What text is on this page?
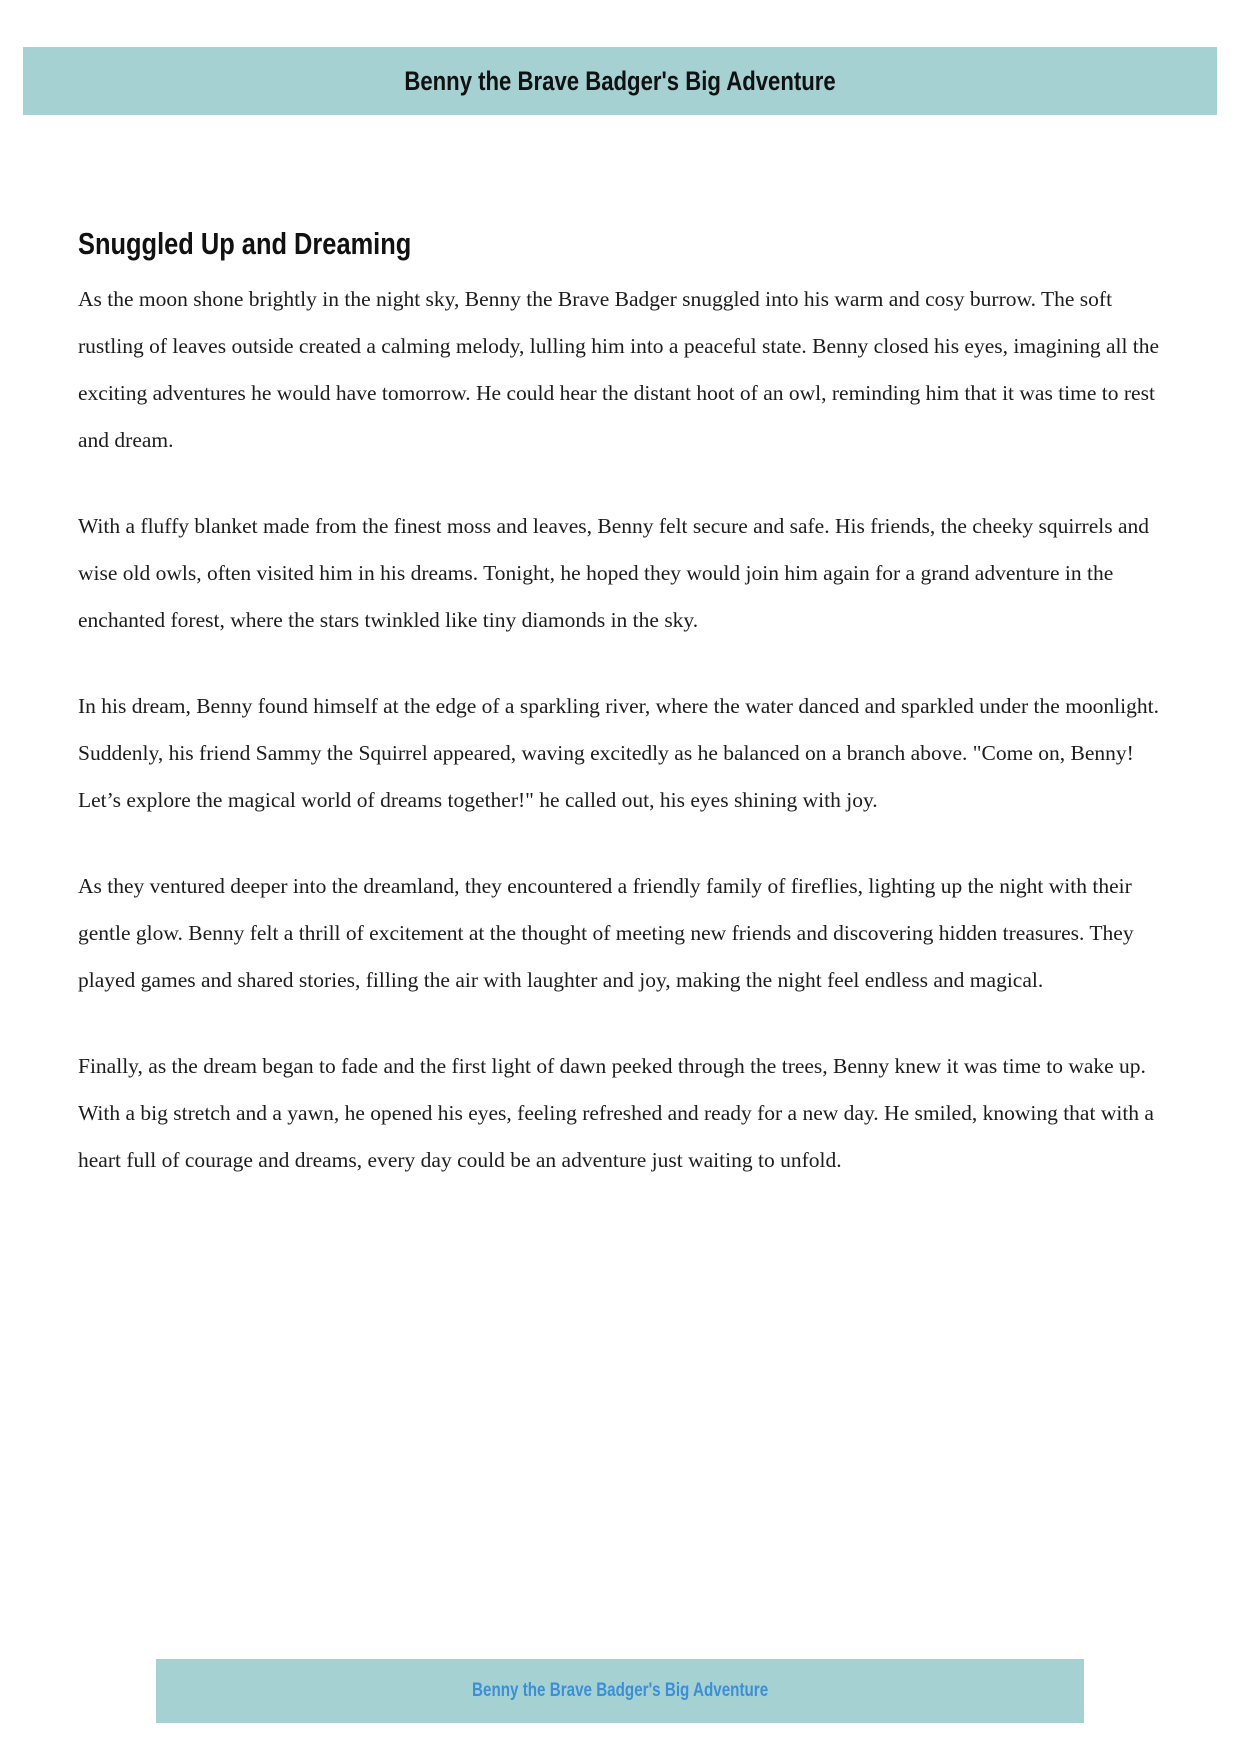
Benny the Brave Badger's Big Adventure
Snuggled Up and Dreaming

As the moon shone brightly in the night sky, Benny the Brave Badger snuggled into his warm and cosy burrow. The soft rustling of leaves outside created a calming melody, lulling him into a peaceful state. Benny closed his eyes, imagining all the exciting adventures he would have tomorrow. He could hear the distant hoot of an owl, reminding him that it was time to rest and dream.

With a fluffy blanket made from the finest moss and leaves, Benny felt secure and safe. His friends, the cheeky squirrels and wise old owls, often visited him in his dreams. Tonight, he hoped they would join him again for a grand adventure in the enchanted forest, where the stars twinkled like tiny diamonds in the sky.

In his dream, Benny found himself at the edge of a sparkling river, where the water danced and sparkled under the moonlight. Suddenly, his friend Sammy the Squirrel appeared, waving excitedly as he balanced on a branch above. "Come on, Benny! Let’s explore the magical world of dreams together!" he called out, his eyes shining with joy.

As they ventured deeper into the dreamland, they encountered a friendly family of fireflies, lighting up the night with their gentle glow. Benny felt a thrill of excitement at the thought of meeting new friends and discovering hidden treasures. They played games and shared stories, filling the air with laughter and joy, making the night feel endless and magical.

Finally, as the dream began to fade and the first light of dawn peeked through the trees, Benny knew it was time to wake up. With a big stretch and a yawn, he opened his eyes, feeling refreshed and ready for a new day. He smiled, knowing that with a heart full of courage and dreams, every day could be an adventure just waiting to unfold.

Benny the Brave Badger's Big Adventure
